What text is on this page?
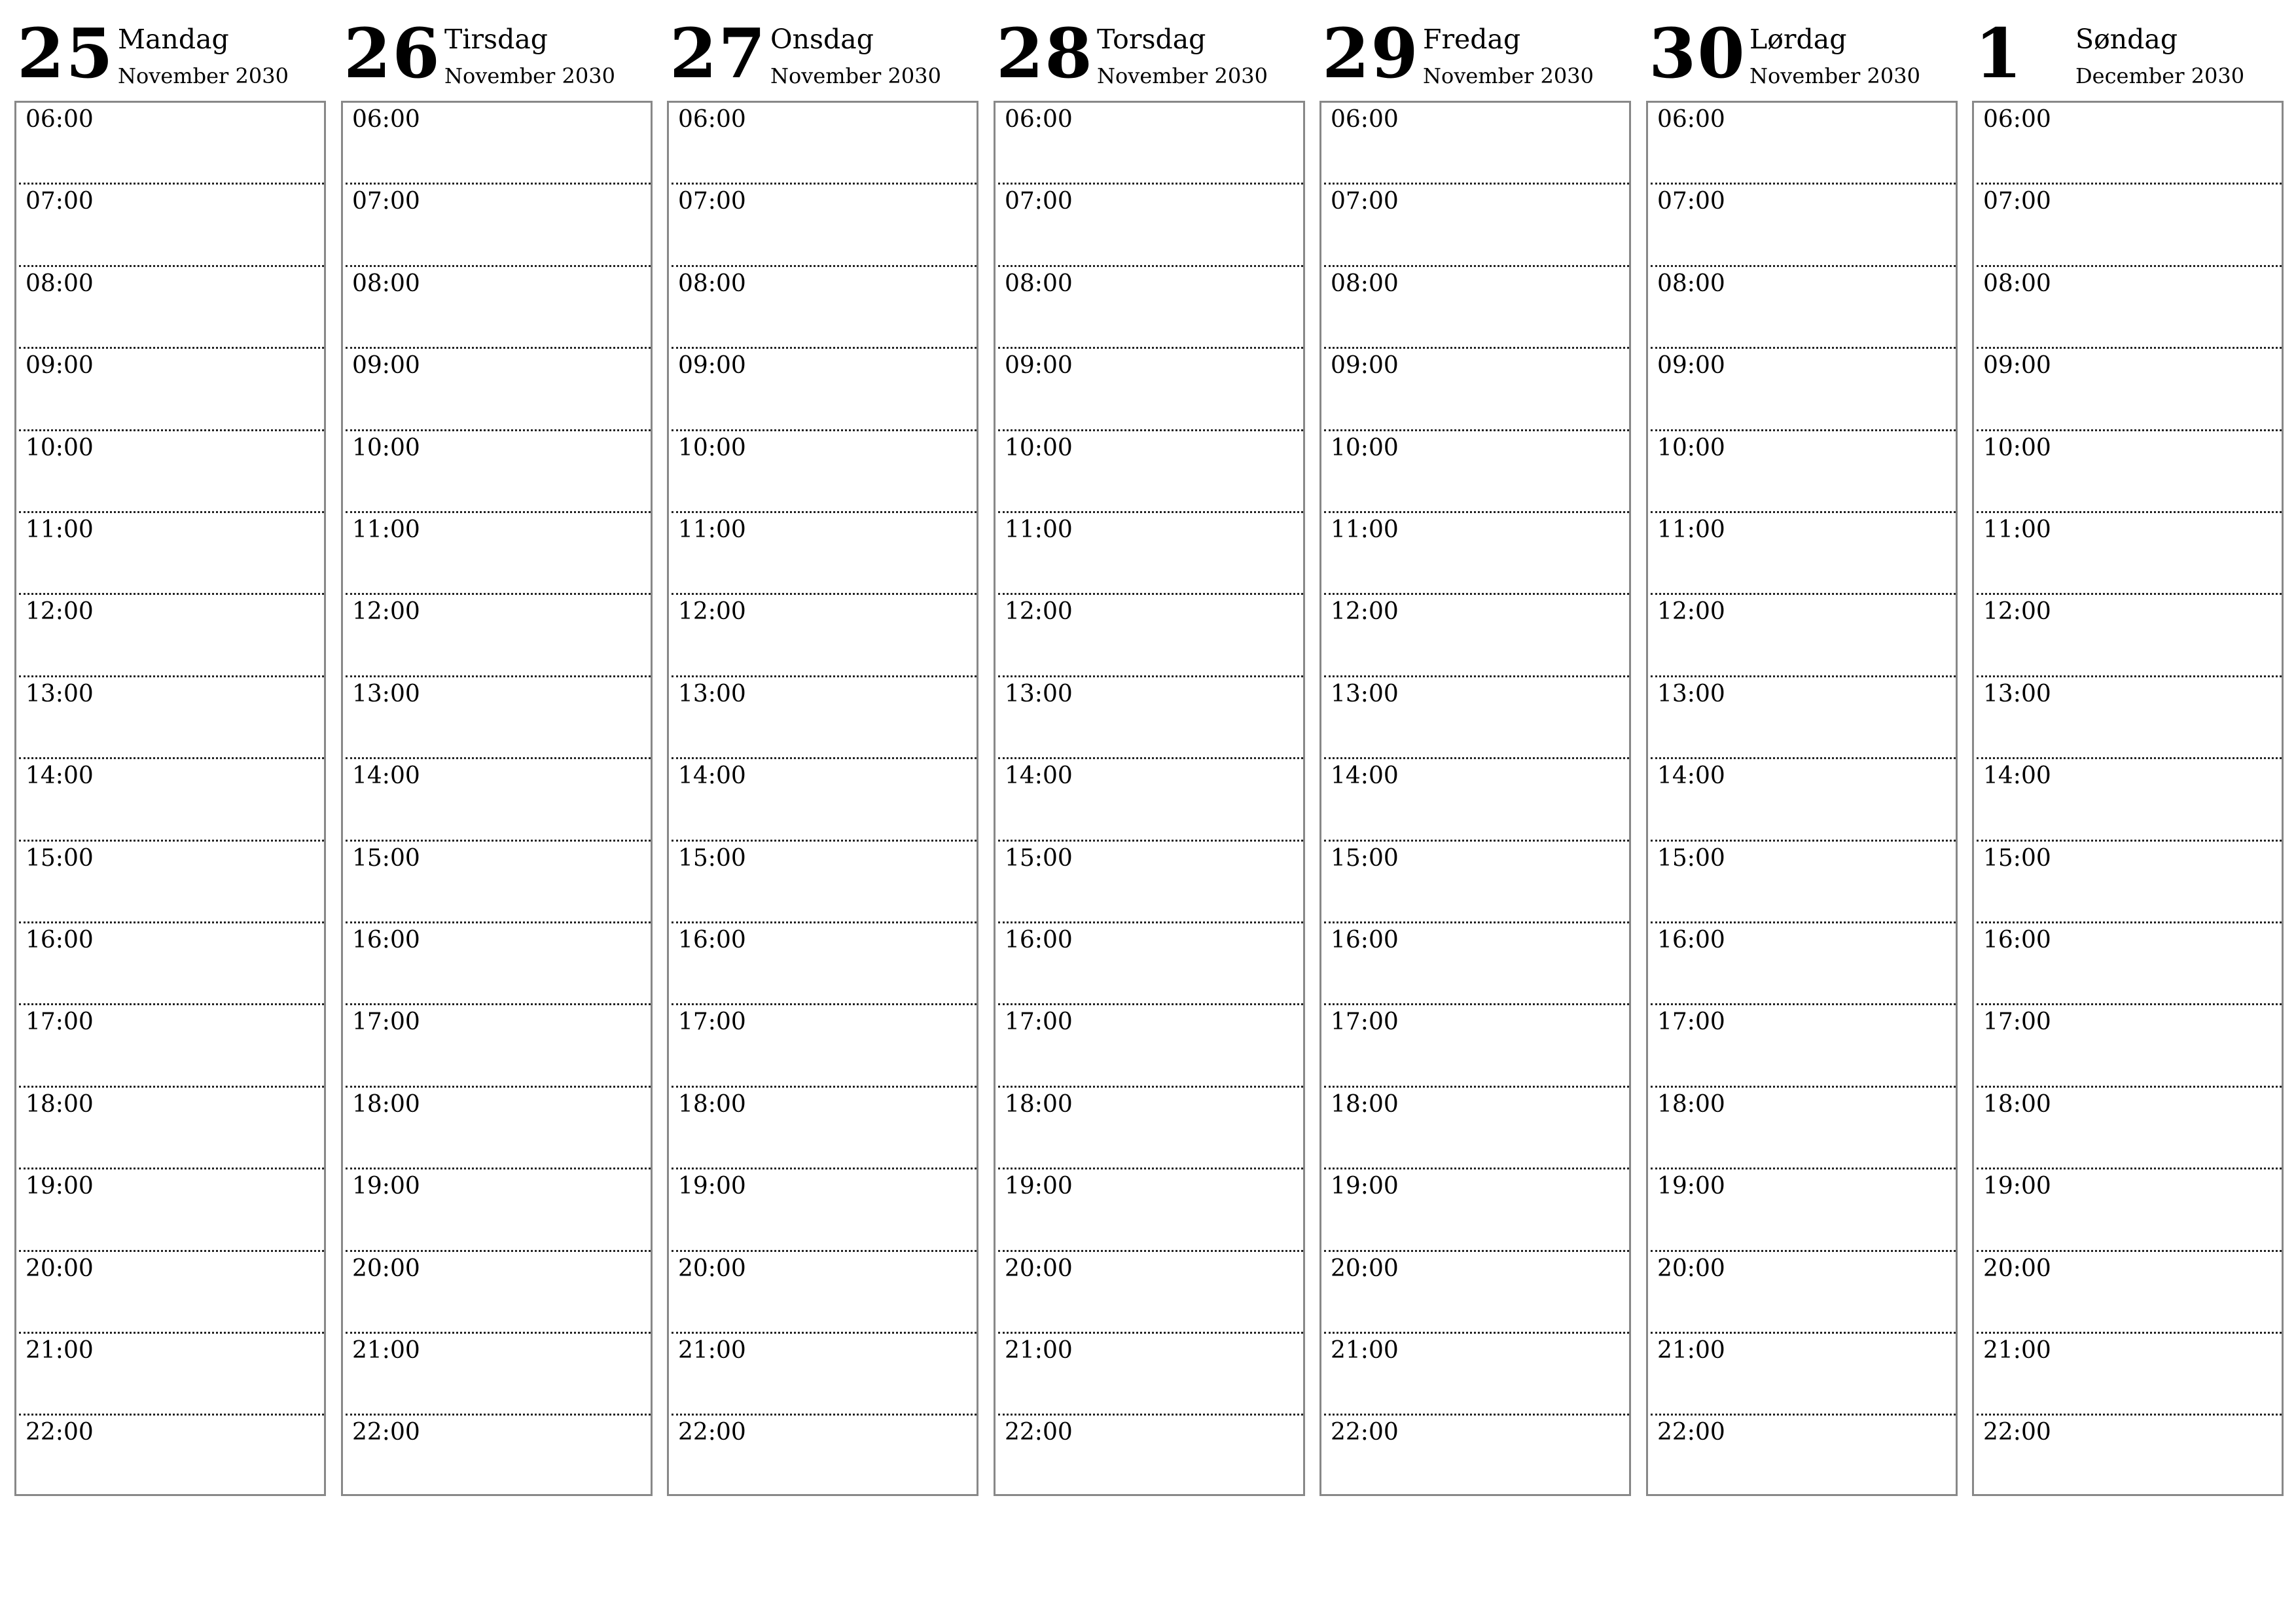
25 Mandag
November 2030
06:00
07:00
08:00
09:00
10:00
11:00
12:00
13:00
14:00
15:00
16:00
17:00
18:00
19:00
20:00
21:00
22:00
26 Tirsdag
November 2030
06:00
07:00
08:00
09:00
10:00
11:00
12:00
13:00
14:00
15:00
16:00
17:00
18:00
19:00
20:00
21:00
22:00
27 Onsdag
November 2030
06:00
07:00
08:00
09:00
10:00
11:00
12:00
13:00
14:00
15:00
16:00
17:00
18:00
19:00
20:00
21:00
22:00
28 Torsdag
November 2030
06:00
07:00
08:00
09:00
10:00
11:00
12:00
13:00
14:00
15:00
16:00
17:00
18:00
19:00
20:00
21:00
22:00
29 Fredag
November 2030
06:00
07:00
08:00
09:00
10:00
11:00
12:00
13:00
14:00
15:00
16:00
17:00
18:00
19:00
20:00
21:00
22:00
30 Lørdag
November 2030
06:00
07:00
08:00
09:00
10:00
11:00
12:00
13:00
14:00
15:00
16:00
17:00
18:00
19:00
20:00
21:00
22:00
1 Søndag
December 2030
06:00
07:00
08:00
09:00
10:00
11:00
12:00
13:00
14:00
15:00
16:00
17:00
18:00
19:00
20:00
21:00
22:00
